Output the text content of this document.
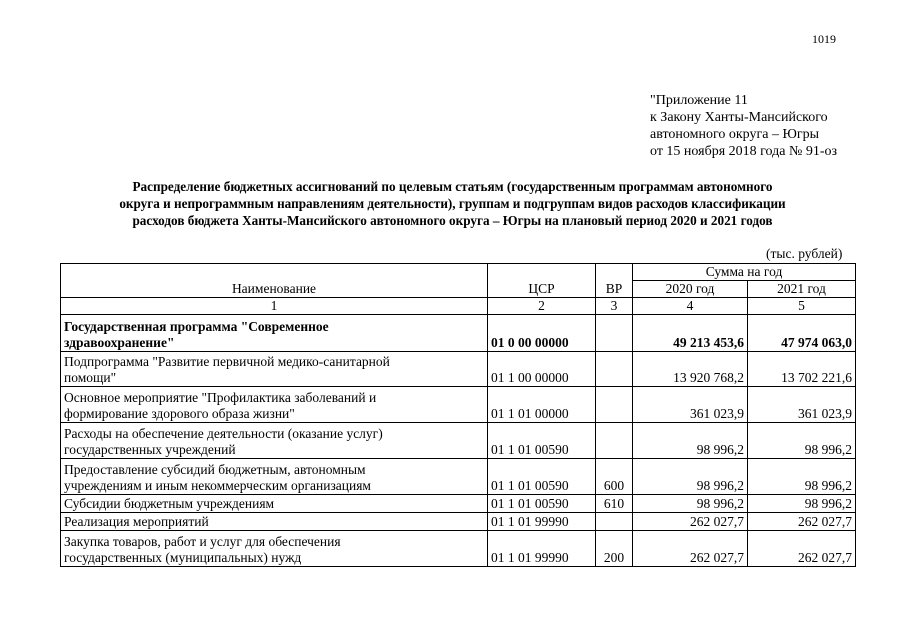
1019
"Приложение 11
к Закону Ханты-Мансийского
автономного округа – Югры
от 15 ноября 2018 года № 91-оз
Распределение бюджетных ассигнований по целевым статьям (государственным программам автономного
округа и непрограммным направлениям деятельности), группам и подгруппам видов расходов классификации
расходов бюджета Ханты-Мансийского автономного округа – Югры на плановый период 2020 и 2021 годов
(тыс. рублей)
Наименование	ЦСР	ВР	Сумма на год	
			2020 год	2021 год
1	2	3	4	5
Государственная программа "Современное
здравоохранение"	01 0 00 00000		49 213 453,6	47 974 063,0
Подпрограмма "Развитие первичной медико-санитарной
помощи"	01 1 00 00000		13 920 768,2	13 702 221,6
Основное мероприятие "Профилактика заболеваний и
формирование здорового образа жизни"	01 1 01 00000		361 023,9	361 023,9
Расходы на обеспечение деятельности (оказание услуг)
государственных учреждений	01 1 01 00590		98 996,2	98 996,2
Предоставление субсидий бюджетным, автономным
учреждениям и иным некоммерческим организациям	01 1 01 00590	600	98 996,2	98 996,2
Субсидии бюджетным учреждениям	01 1 01 00590	610	98 996,2	98 996,2
Реализация мероприятий	01 1 01 99990		262 027,7	262 027,7
Закупка товаров, работ и услуг для обеспечения
государственных (муниципальных) нужд	01 1 01 99990	200	262 027,7	262 027,7
